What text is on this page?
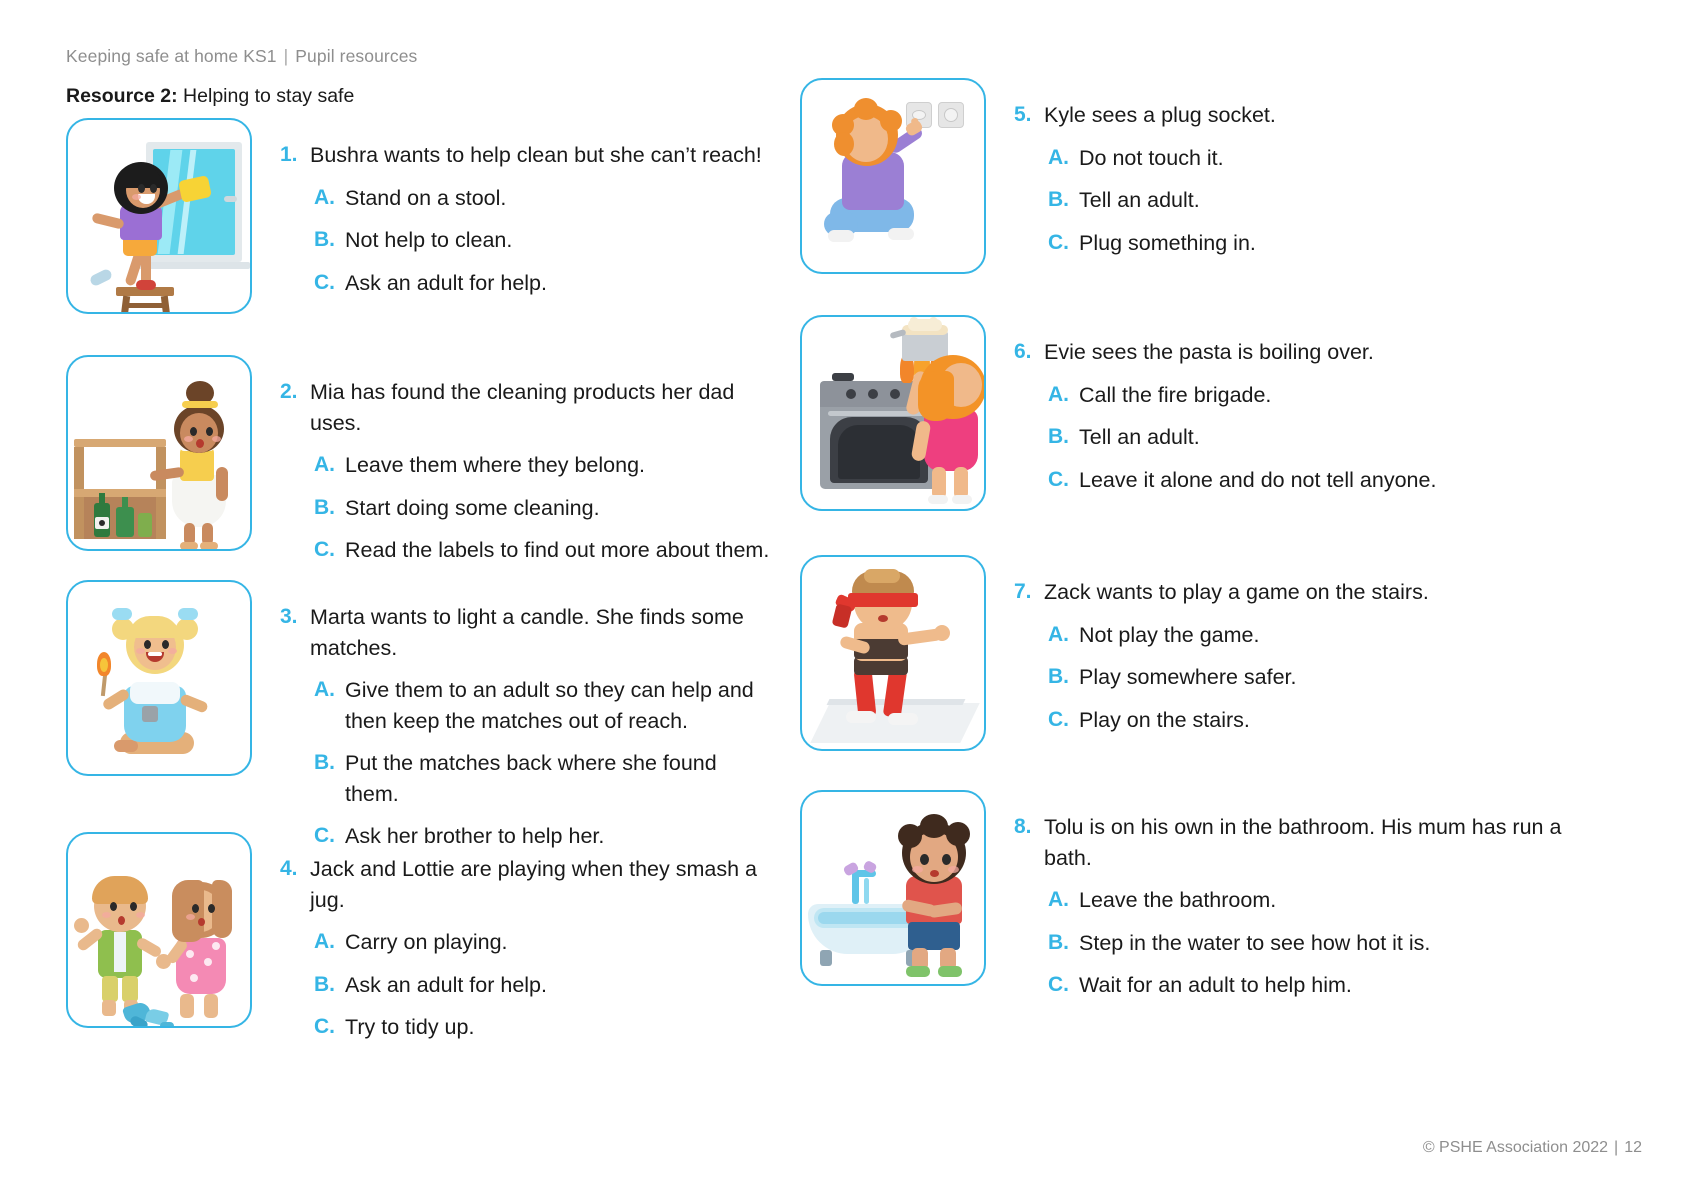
Keeping safe at home KS1 | Pupil resources
Resource 2: Helping to stay safe
1. Bushra wants to help clean but she can’t reach!
A. Stand on a stool.
B. Not help to clean.
C. Ask an adult for help.
2. Mia has found the cleaning products her dad uses.
A. Leave them where they belong.
B. Start doing some cleaning.
C. Read the labels to find out more about them.
3. Marta wants to light a candle. She finds some matches.
A. Give them to an adult so they can help and then keep the matches out of reach.
B. Put the matches back where she found them.
C. Ask her brother to help her.
4. Jack and Lottie are playing when they smash a jug.
A. Carry on playing.
B. Ask an adult for help.
C. Try to tidy up.
5. Kyle sees a plug socket.
A. Do not touch it.
B. Tell an adult.
C. Plug something in.
6. Evie sees the pasta is boiling over.
A. Call the fire brigade.
B. Tell an adult.
C. Leave it alone and do not tell anyone.
7. Zack wants to play a game on the stairs.
A. Not play the game.
B. Play somewhere safer.
C. Play on the stairs.
8. Tolu is on his own in the bathroom. His mum has run a bath.
A. Leave the bathroom.
B. Step in the water to see how hot it is.
C. Wait for an adult to help him.
© PSHE Association 2022 | 12
